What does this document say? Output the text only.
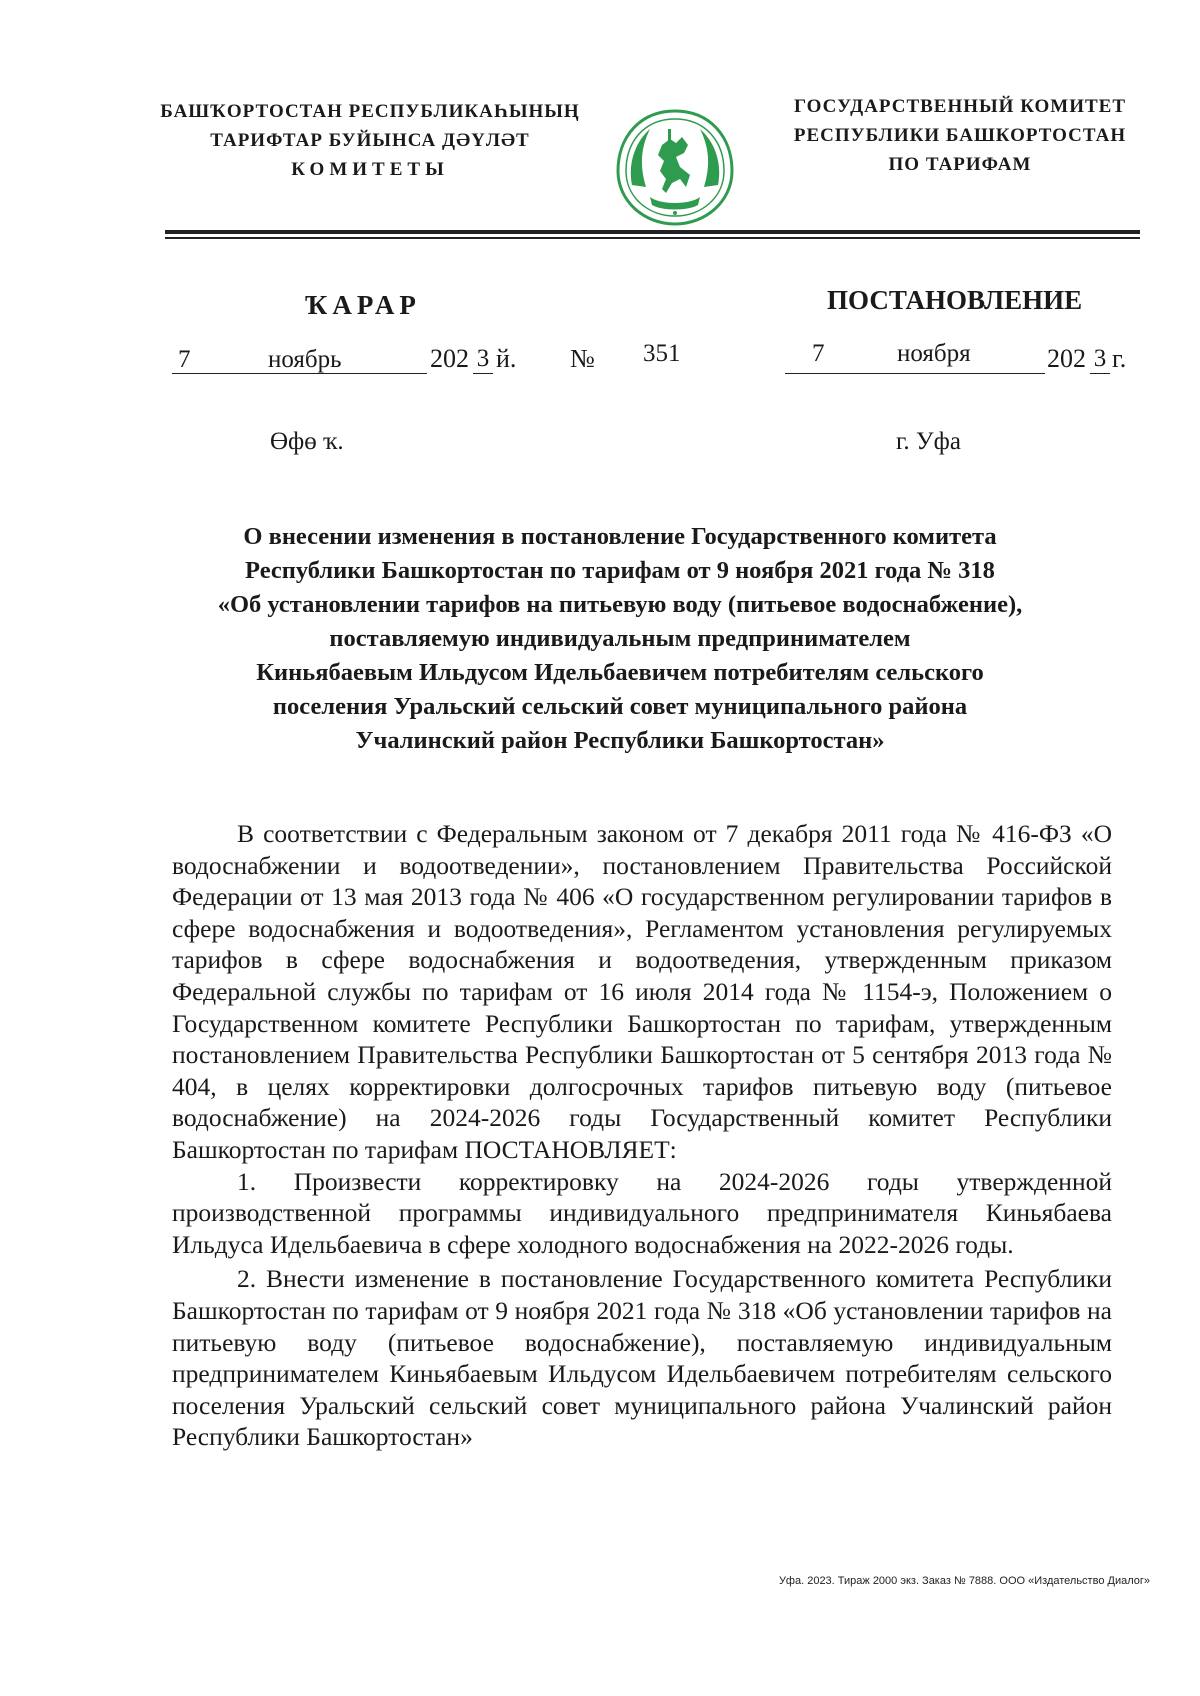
БАШҠОРТОСТАН РЕСПУБЛИКАҺЫНЫҢ
ТАРИФТАР БУЙЫНСА ДӘҮЛӘТ
КОМИТЕТЫ
ГОСУДАРСТВЕННЫЙ КОМИТЕТ
РЕСПУБЛИКИ БАШКОРТОСТАН
ПО ТАРИФАМ
ҠАРАР	ПОСТАНОВЛЕНИЕ
7	ноябрь	202 3 й. № 351	7	ноября	202 3 г.
Өфө ҡ.	г. Уфа

О внесении изменения в постановление Государственного комитета

Республики Башкортостан по тарифам от 9 ноября 2021 года № 318

«Об установлении тарифов на питьевую воду (питьевое водоснабжение),

поставляемую индивидуальным предпринимателем

Киньябаевым Ильдусом Идельбаевичем потребителям сельского

поселения Уральский сельский совет муниципального района

Учалинский район Республики Башкортостан»

В соответствии с Федеральным законом от 7 декабря 2011 года № 416-ФЗ «О водоснабжении и водоотведении», постановлением Правительства Российской Федерации от 13 мая 2013 года № 406 «О государственном регулировании тарифов в сфере водоснабжения и водоотведения», Регламентом установления регулируемых тарифов в сфере водоснабжения и водоотведения, утвержденным приказом Федеральной службы по тарифам от 16 июля 2014 года № 1154-э, Положением о Государственном комитете Республики Башкортостан по тарифам, утвержденным постановлением Правительства Республики Башкортостан от 5 сентября 2013 года № 404, в целях корректировки долгосрочных тарифов питьевую воду (питьевое водоснабжение) на 2024-2026 годы Государственный комитет Республики Башкортостан по тарифам ПОСТАНОВЛЯЕТ:

1. Произвести корректировку на 2024-2026 годы утвержденной производственной программы индивидуального предпринимателя Киньябаева Ильдуса Идельбаевича в сфере холодного водоснабжения на 2022-2026 годы.

2. Внести изменение в постановление Государственного комитета Республики Башкортостан по тарифам от 9 ноября 2021 года № 318 «Об установлении тарифов на питьевую воду (питьевое водоснабжение), поставляемую индивидуальным предпринимателем Киньябаевым Ильдусом Идельбаевичем потребителям сельского поселения Уральский сельский совет муниципального района Учалинский район Республики Башкортостан»

Уфа. 2023. Тираж 2000 экз. Заказ № 7888. ООО «Издательство Диалог»
